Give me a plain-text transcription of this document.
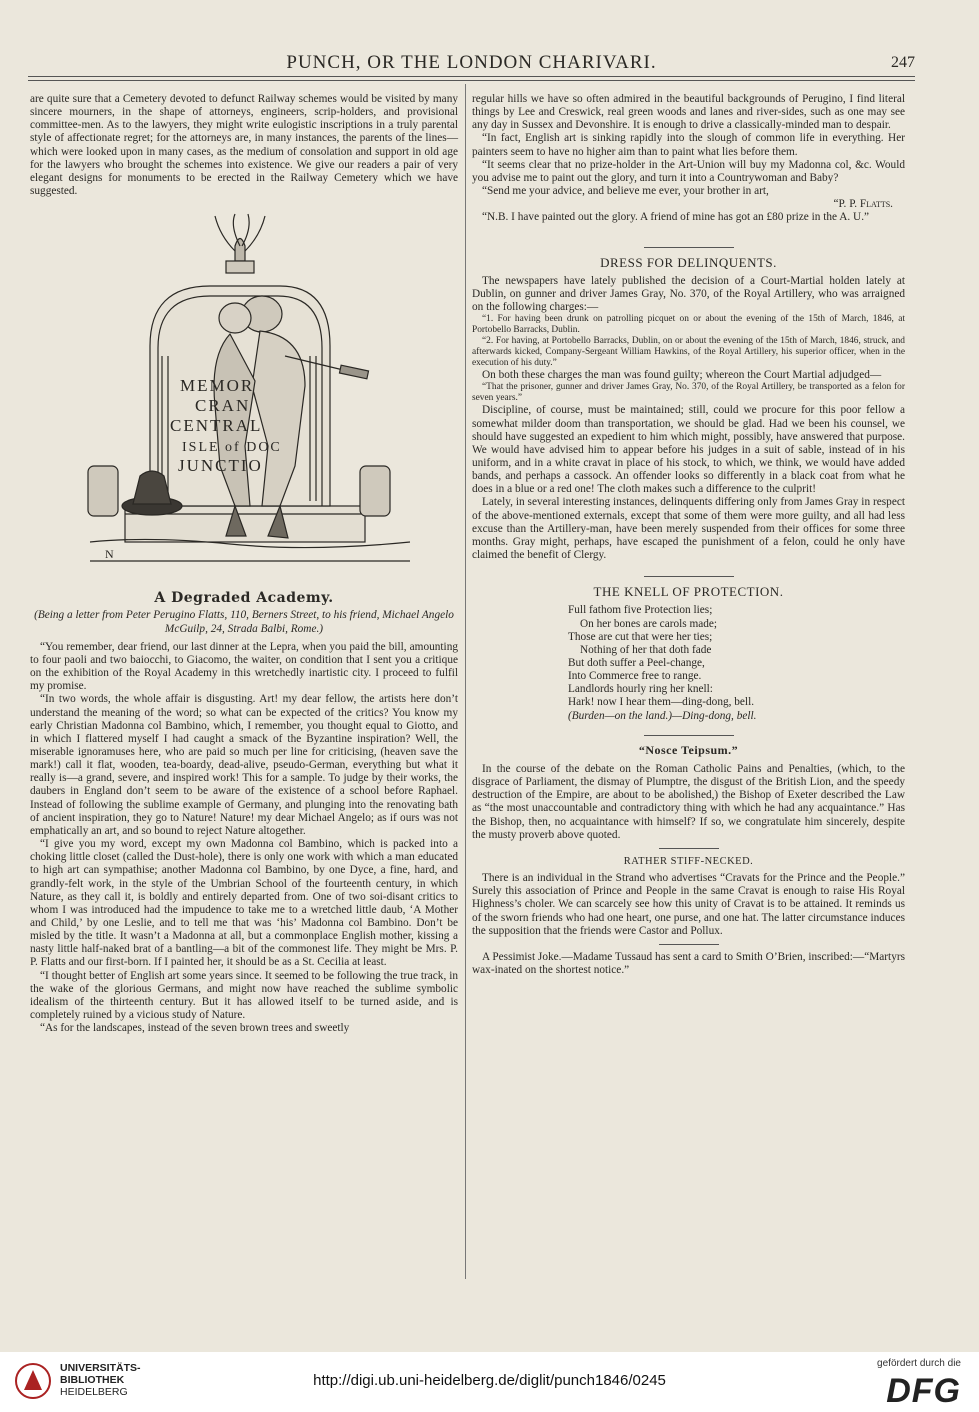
PUNCH, OR THE LONDON CHARIVARI.	247

are quite sure that a Cemetery devoted to defunct Railway schemes would be visited by many sincere mourners, in the shape of attorneys, engineers, scrip-holders, and provisional committee-men. As to the lawyers, they might write eulogistic inscriptions in a truly parental style of affectionate regret; for the attorneys are, in many instances, the parents of the lines—which were looked upon in many cases, as the medium of consolation and support in old age for the lawyers who brought the schemes into existence. We give our readers a pair of very elegant designs for monuments to be erected in the Railway Cemetery which we have suggested.

MEMOR
CRAN
CENTRAL
ISLE of DOC
JUNCTIO
N
A Degraded Academy.

(Being a letter from Peter Perugino Flatts, 110, Berners Street, to his friend, Michael Angelo McGuilp, 24, Strada Balbi, Rome.)

“You remember, dear friend, our last dinner at the Lepra, when you paid the bill, amounting to four paoli and two baiocchi, to Giacomo, the waiter, on condition that I sent you a critique on the exhibition of the Royal Academy in this wretchedly inartistic city. I proceed to fulfil my promise.

“In two words, the whole affair is disgusting. Art! my dear fellow, the artists here don’t understand the meaning of the word; so what can be expected of the critics? You know my early Christian Madonna col Bambino, which, I remember, you thought equal to Giotto, and in which I flattered myself I had caught a smack of the Byzantine inspiration? Well, the miserable ignoramuses here, who are paid so much per line for criticising, (heaven save the mark!) call it flat, wooden, tea-boardy, dead-alive, pseudo-German, everything but what it really is—a grand, severe, and inspired work! This for a sample. To judge by their works, the daubers in England don’t seem to be aware of the existence of a school before Raphael. Instead of following the sublime example of Germany, and plunging into the renovating bath of ancient inspiration, they go to Nature! Nature! my dear Michael Angelo; as if ours was not emphatically an art, and so bound to reject Nature altogether.

“I give you my word, except my own Madonna col Bambino, which is packed into a choking little closet (called the Dust-hole), there is only one work with which a man educated to high art can sympathise; another Madonna col Bambino, by one Dyce, a fine, hard, and grandly-felt work, in the style of the Umbrian School of the fourteenth century, in which Nature, as they call it, is boldly and entirely departed from. One of two soi-disant critics to whom I was introduced had the impudence to take me to a wretched little daub, ‘A Mother and Child,’ by one Leslie, and to tell me that was ‘his’ Madonna col Bambino. Don’t be misled by the title. It wasn’t a Madonna at all, but a commonplace English mother, kissing a nasty little half-naked brat of a bantling—a bit of the commonest life. They might be Mrs. P. P. Flatts and our first-born. If I painted her, it should be as a St. Cecilia at least.

“I thought better of English art some years since. It seemed to be following the true track, in the wake of the glorious Germans, and might now have reached the sublime symbolic idealism of the thirteenth century. But it has allowed itself to be turned aside, and is completely ruined by a vicious study of Nature.

“As for the landscapes, instead of the seven brown trees and sweetly

regular hills we have so often admired in the beautiful backgrounds of Perugino, I find literal things by Lee and Creswick, real green woods and lanes and river-sides, such as one may see any day in Sussex and Devonshire. It is enough to drive a classically-minded man to despair.

“In fact, English art is sinking rapidly into the slough of common life in everything. Her painters seem to have no higher aim than to paint what lies before them.

“It seems clear that no prize-holder in the Art-Union will buy my Madonna col, &c. Would you advise me to paint out the glory, and turn it into a Countrywoman and Baby?

“Send me your advice, and believe me ever, your brother in art,

“P. P. Flatts.

“N.B. I have painted out the glory. A friend of mine has got an £80 prize in the A. U.”

DRESS FOR DELINQUENTS.

The newspapers have lately published the decision of a Court-Martial holden lately at Dublin, on gunner and driver James Gray, No. 370, of the Royal Artillery, who was arraigned on the following charges:—

“1. For having been drunk on patrolling picquet on or about the evening of the 15th of March, 1846, at Portobello Barracks, Dublin.

“2. For having, at Portobello Barracks, Dublin, on or about the evening of the 15th of March, 1846, struck, and afterwards kicked, Company-Sergeant William Hawkins, of the Royal Artillery, his superior officer, when in the execution of his duty.”

On both these charges the man was found guilty; whereon the Court Martial adjudged—

“That the prisoner, gunner and driver James Gray, No. 370, of the Royal Artillery, be transported as a felon for seven years.”

Discipline, of course, must be maintained; still, could we procure for this poor fellow a somewhat milder doom than transportation, we should be glad. Had we been his counsel, we should have suggested an expedient to him which might, possibly, have answered that purpose. We would have advised him to appear before his judges in a suit of sable, instead of in his uniform, and in a white cravat in place of his stock, to which, we think, we would have added bands, and perhaps a cassock. An offender looks so differently in a black coat from what he does in a blue or a red one! The cloth makes such a difference to the culprit!

Lately, in several interesting instances, delinquents differing only from James Gray in respect of the above-mentioned externals, except that some of them were more guilty, and all had less excuse than the Artillery-man, have been merely suspended from their offices for some three months. Gray might, perhaps, have escaped the punishment of a felon, could he only have claimed the benefit of Clergy.

THE KNELL OF PROTECTION.
Full fathom five Protection lies;
On her bones are carols made;
Those are cut that were her ties;
Nothing of her that doth fade
But doth suffer a Peel-change,
Into Commerce free to range.
Landlords hourly ring her knell:
Hark! now I hear them—ding-dong, bell.
(Burden—on the land.)—Ding-dong, bell.
“Nosce Teipsum.”

In the course of the debate on the Roman Catholic Pains and Penalties, (which, to the disgrace of Parliament, the dismay of Plumptre, the disgust of the British Lion, and the speedy destruction of the Empire, are about to be abolished,) the Bishop of Exeter described the Law as “the most unaccountable and contradictory thing with which he had any acquaintance.” Has the Bishop, then, no acquaintance with himself? If so, we congratulate him sincerely, despite the musty proverb above quoted.

RATHER STIFF-NECKED.

There is an individual in the Strand who advertises “Cravats for the Prince and the People.” Surely this association of Prince and People in the same Cravat is enough to raise His Royal Highness’s choler. We can scarcely see how this unity of Cravat is to be attained. It reminds us of the sworn friends who had one heart, one purse, and one hat. The latter circumstance induces the supposition that the friends were Castor and Pollux.

A Pessimist Joke.—Madame Tussaud has sent a card to Smith O’Brien, inscribed:—“Martyrs wax-inated on the shortest notice.”

UNIVERSITÄTS-
BIBLIOTHEK
HEIDELBERG
http://digi.ub.uni-heidelberg.de/diglit/punch1846/0245
gefördert durch die
DFG
